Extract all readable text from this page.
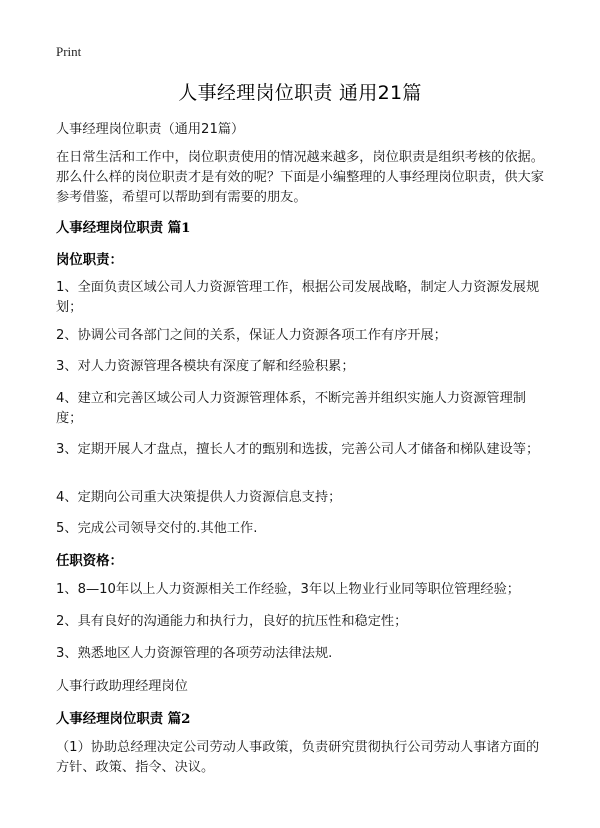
Print
人事经理岗位职责 通用21篇
人事经理岗位职责（通用21篇）
在日常生活和工作中，岗位职责使用的情况越来越多，岗位职责是组织考核的依据。那么什么样的岗位职责才是有效的呢？下面是小编整理的人事经理岗位职责，供大家参考借鉴，希望可以帮助到有需要的朋友。
人事经理岗位职责 篇1
岗位职责：
1、全面负责区域公司人力资源管理工作，根据公司发展战略，制定人力资源发展规划；
2、协调公司各部门之间的关系，保证人力资源各项工作有序开展；
3、对人力资源管理各模块有深度了解和经验积累；
4、建立和完善区域公司人力资源管理体系，不断完善并组织实施人力资源管理制度；
3、定期开展人才盘点，擅长人才的甄别和选拔，完善公司人才储备和梯队建设等；
4、定期向公司重大决策提供人力资源信息支持；
5、完成公司领导交付的.其他工作.
任职资格：
1、8—10年以上人力资源相关工作经验，3年以上物业行业同等职位管理经验；
2、具有良好的沟通能力和执行力，良好的抗压性和稳定性；
3、熟悉地区人力资源管理的各项劳动法律法规.
人事行政助理经理岗位
人事经理岗位职责 篇2
（1）协助总经理决定公司劳动人事政策，负责研究贯彻执行公司劳动人事诸方面的方针、政策、指令、决议。
